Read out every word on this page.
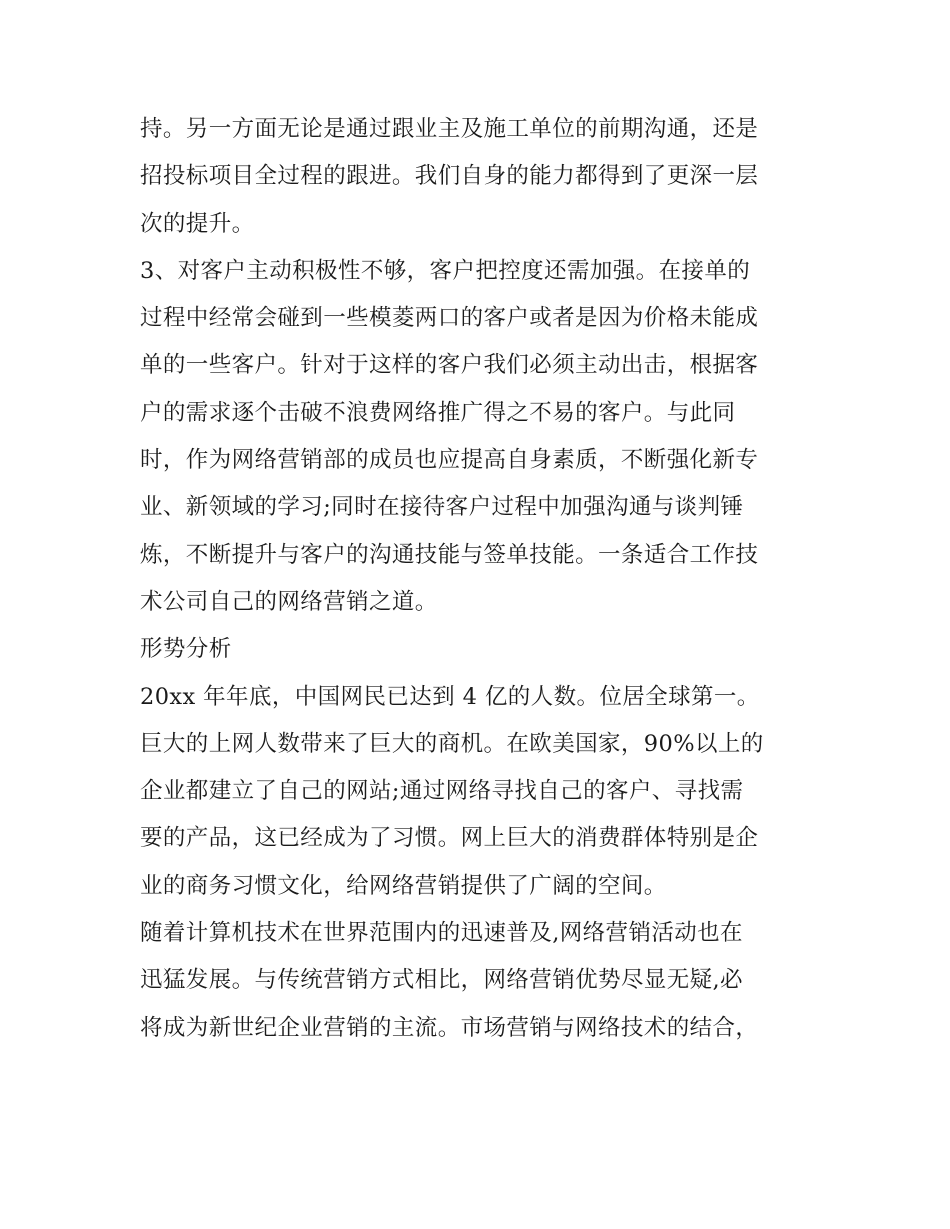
持。另一方面无论是通过跟业主及施工单位的前期沟通，还是
招投标项目全过程的跟进。我们自身的能力都得到了更深一层
次的提升。
3、对客户主动积极性不够，客户把控度还需加强。在接单的
过程中经常会碰到一些模菱两口的客户或者是因为价格未能成
单的一些客户。针对于这样的客户我们必须主动出击，根据客
户的需求逐个击破不浪费网络推广得之不易的客户。与此同
时，作为网络营销部的成员也应提高自身素质，不断强化新专
业、新领域的学习;同时在接待客户过程中加强沟通与谈判锤
炼，不断提升与客户的沟通技能与签单技能。一条适合工作技
术公司自己的网络营销之道。
形势分析
20xx 年年底，中国网民已达到 4 亿的人数。位居全球第一。
巨大的上网人数带来了巨大的商机。在欧美国家，90%以上的
企业都建立了自己的网站;通过网络寻找自己的客户、寻找需
要的产品，这已经成为了习惯。网上巨大的消费群体特别是企
业的商务习惯文化，给网络营销提供了广阔的空间。
随着计算机技术在世界范围内的迅速普及,网络营销活动也在
迅猛发展。与传统营销方式相比，网络营销优势尽显无疑,必
将成为新世纪企业营销的主流。市场营销与网络技术的结合，
